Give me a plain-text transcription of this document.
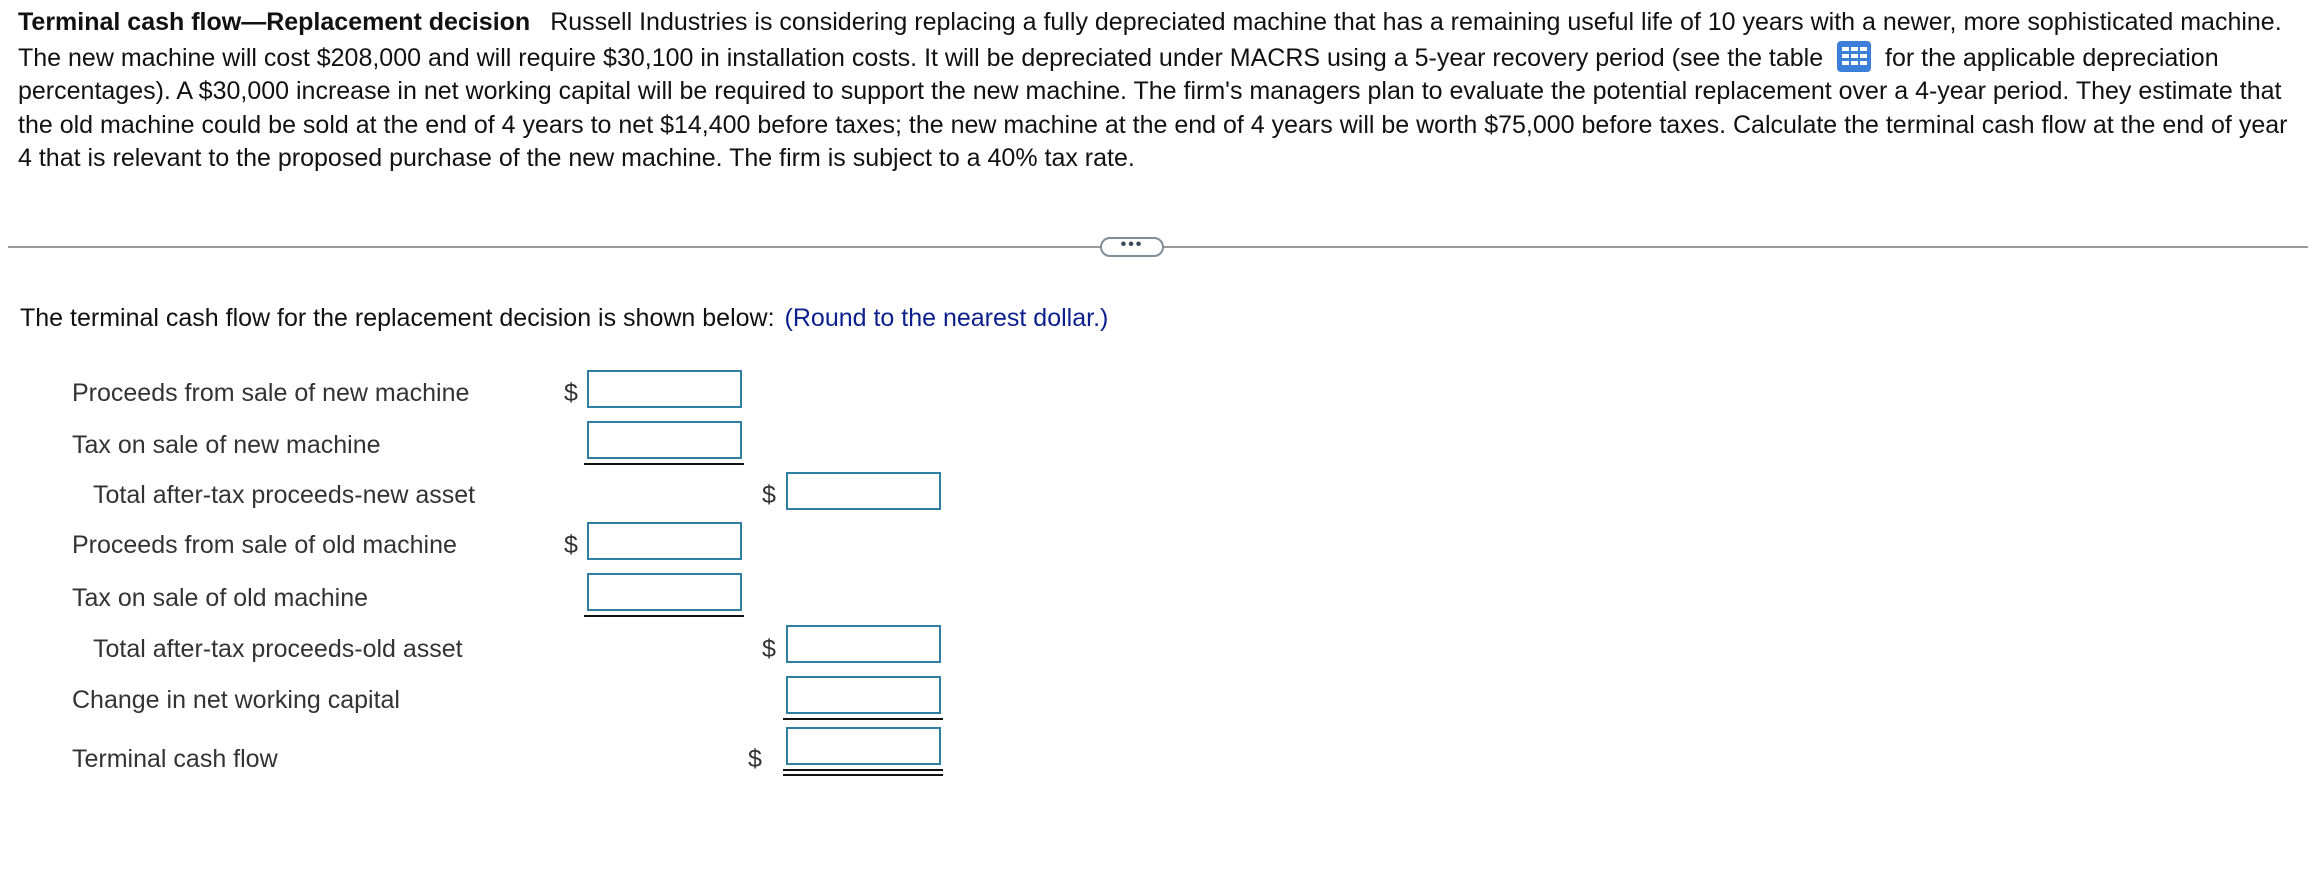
Terminal cash flow—Replacement decision Russell Industries is considering replacing a fully depreciated machine that has a remaining useful life of 10 years with a newer, more sophisticated machine. The new machine will cost $208,000 and will require $30,100 in installation costs. It will be depreciated under MACRS using a 5-year recovery period (see the table for the applicable depreciation percentages). A $30,000 increase in net working capital will be required to support the new machine. The firm's managers plan to evaluate the potential replacement over a 4-year period. They estimate that the old machine could be sold at the end of 4 years to net $14,400 before taxes; the new machine at the end of 4 years will be worth $75,000 before taxes. Calculate the terminal cash flow at the end of year 4 that is relevant to the proposed purchase of the new machine. The firm is subject to a 40% tax rate.
•••
The terminal cash flow for the replacement decision is shown below: (Round to the nearest dollar.)
Proceeds from sale of new machine	$
Tax on sale of new machine
Total after-tax proceeds-new asset	$
Proceeds from sale of old machine	$
Tax on sale of old machine
Total after-tax proceeds-old asset	$
Change in net working capital
Terminal cash flow	$
